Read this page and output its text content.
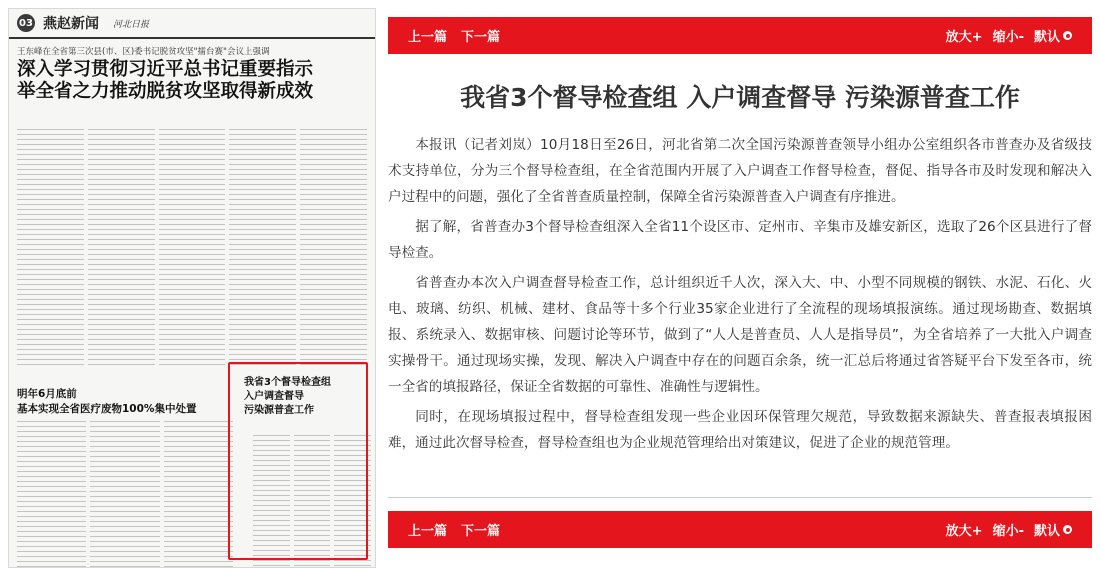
03 燕赵新闻 河北日报
王东峰在全省第三次县(市、区)委书记脱贫攻坚"擂台赛"会议上强调
深入学习贯彻习近平总书记重要指示
举全省之力推动脱贫攻坚取得新成效
明年6月底前
基本实现全省医疗废物100%集中处置
我省3个督导检查组
入户调查督导
污染源普查工作
上一篇 下一篇	放大+ 缩小- 默认
我省3个督导检查组 入户调查督导 污染源普查工作

本报讯（记者刘岚）10月18日至26日，河北省第二次全国污染源普查领导小组办公室组织各市普查办及省级技术支持单位，分为三个督导检查组，在全省范围内开展了入户调查工作督导检查，督促、指导各市及时发现和解决入户过程中的问题，强化了全省普查质量控制，保障全省污染源普查入户调查有序推进。

据了解，省普查办3个督导检查组深入全省11个设区市、定州市、辛集市及雄安新区，选取了26个区县进行了督导检查。

省普查办本次入户调查督导检查工作，总计组织近千人次，深入大、中、小型不同规模的钢铁、水泥、石化、火电、玻璃、纺织、机械、建材、食品等十多个行业35家企业进行了全流程的现场填报演练。通过现场勘查、数据填报、系统录入、数据审核、问题讨论等环节，做到了“人人是普查员、人人是指导员”，为全省培养了一大批入户调查实操骨干。通过现场实操，发现、解决入户调查中存在的问题百余条，统一汇总后将通过省答疑平台下发至各市，统一全省的填报路径，保证全省数据的可靠性、准确性与逻辑性。

同时，在现场填报过程中，督导检查组发现一些企业因环保管理欠规范，导致数据来源缺失、普查报表填报困难，通过此次督导检查，督导检查组也为企业规范管理给出对策建议，促进了企业的规范管理。

上一篇 下一篇	放大+ 缩小- 默认
